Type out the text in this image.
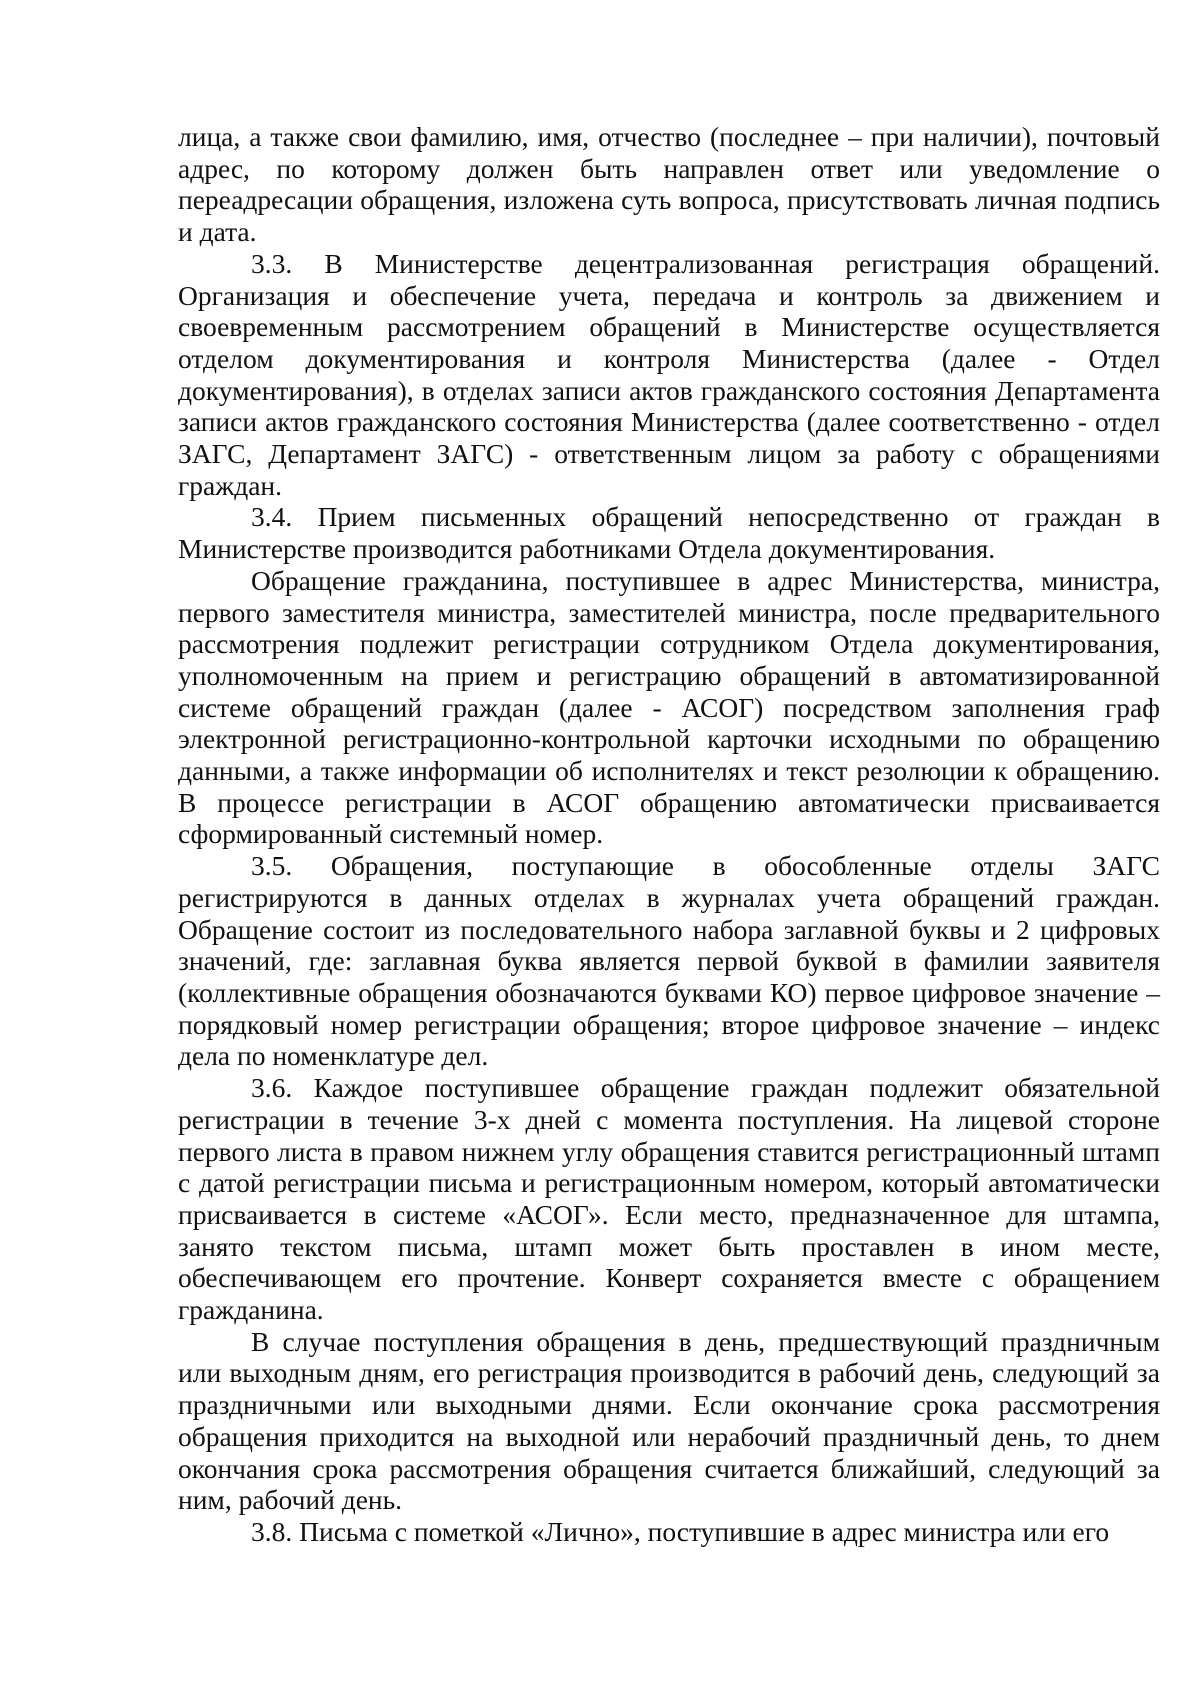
лица, а также свои фамилию, имя, отчество (последнее – при наличии), почтовый адрес, по которому должен быть направлен ответ или уведомление о переадресации обращения, изложена суть вопроса, присутствовать личная подпись и дата.

3.3. В Министерстве децентрализованная регистрация обращений. Организация и обеспечение учета, передача и контроль за движением и своевременным рассмотрением обращений в Министерстве осуществляется отделом документирования и контроля Министерства (далее - Отдел документирования), в отделах записи актов гражданского состояния Департамента записи актов гражданского состояния Министерства (далее соответственно - отдел ЗАГС, Департамент ЗАГС) - ответственным лицом за работу с обращениями граждан.

3.4. Прием письменных обращений непосредственно от граждан в Министерстве производится работниками Отдела документирования.

Обращение гражданина, поступившее в адрес Министерства, министра, первого заместителя министра, заместителей министра, после предварительного рассмотрения подлежит регистрации сотрудником Отдела документирования, уполномоченным на прием и регистрацию обращений в автоматизированной системе обращений граждан (далее - АСОГ) посредством заполнения граф электронной регистрационно-контрольной карточки исходными по обращению данными, а также информации об исполнителях и текст резолюции к обращению. В процессе регистрации в АСОГ обращению автоматически присваивается сформированный системный номер.

3.5. Обращения, поступающие в обособленные отделы ЗАГС регистрируются в данных отделах в журналах учета обращений граждан. Обращение состоит из последовательного набора заглавной буквы и 2 цифровых значений, где: заглавная буква является первой буквой в фамилии заявителя (коллективные обращения обозначаются буквами КО) первое цифровое значение – порядковый номер регистрации обращения; второе цифровое значение – индекс дела по номенклатуре дел.

3.6. Каждое поступившее обращение граждан подлежит обязательной регистрации в течение 3-х дней с момента поступления. На лицевой стороне первого листа в правом нижнем углу обращения ставится регистрационный штамп с датой регистрации письма и регистрационным номером, который автоматически присваивается в системе «АСОГ». Если место, предназначенное для штампа, занято текстом письма, штамп может быть проставлен в ином месте, обеспечивающем его прочтение. Конверт сохраняется вместе с обращением гражданина.

В случае поступления обращения в день, предшествующий праздничным или выходным дням, его регистрация производится в рабочий день, следующий за праздничными или выходными днями. Если окончание срока рассмотрения обращения приходится на выходной или нерабочий праздничный день, то днем окончания срока рассмотрения обращения считается ближайший, следующий за ним, рабочий день.

3.8. Письма с пометкой «Лично», поступившие в адрес министра или его
